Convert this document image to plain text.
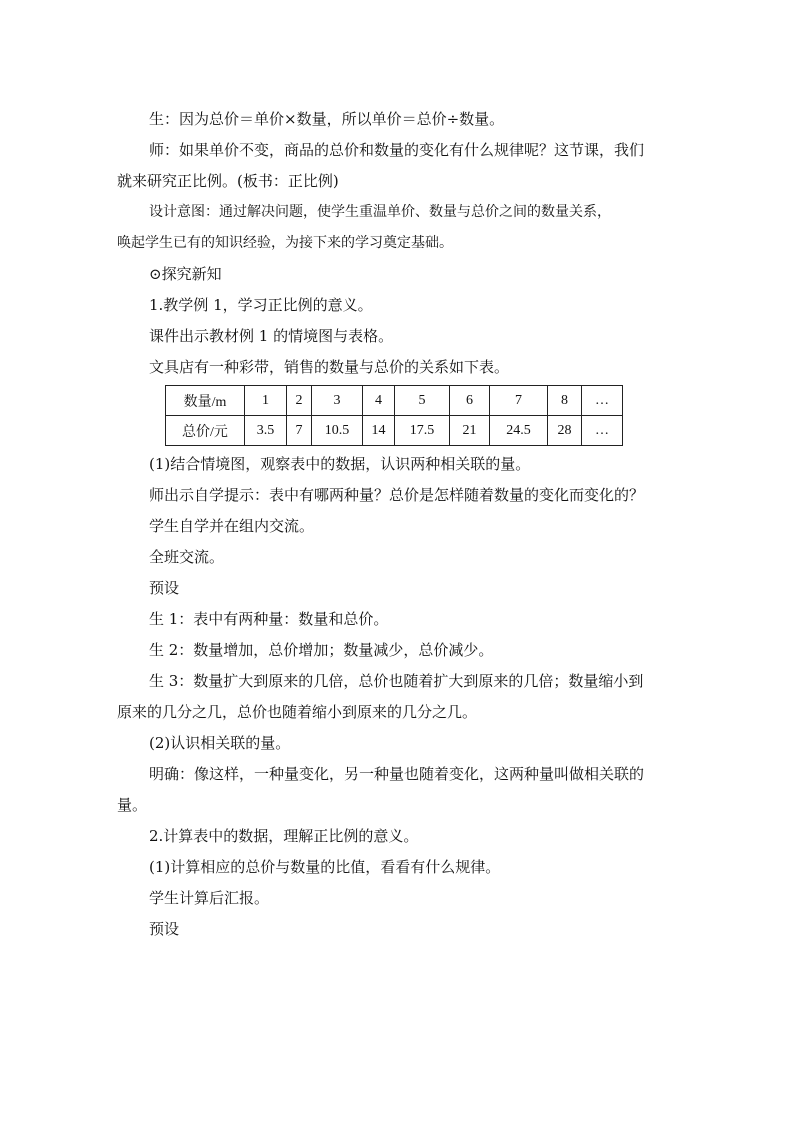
生：因为总价＝单价×数量，所以单价＝总价÷数量。

师：如果单价不变，商品的总价和数量的变化有什么规律呢？这节课，我们

就来研究正比例。(板书：正比例)

设计意图：通过解决问题，使学生重温单价、数量与总价之间的数量关系，

唤起学生已有的知识经验，为接下来的学习奠定基础。

⊙探究新知

1.教学例 1，学习正比例的意义。

课件出示教材例 1 的情境图与表格。

文具店有一种彩带，销售的数量与总价的关系如下表。

数量/m	1	2	3	4	5	6	7	8	…
总价/元	3.5	7	10.5	14	17.5	21	24.5	28	…

(1)结合情境图，观察表中的数据，认识两种相关联的量。

师出示自学提示：表中有哪两种量？总价是怎样随着数量的变化而变化的？

学生自学并在组内交流。

全班交流。

预设

生 1：表中有两种量：数量和总价。

生 2：数量增加，总价增加；数量减少，总价减少。

生 3：数量扩大到原来的几倍，总价也随着扩大到原来的几倍；数量缩小到

原来的几分之几，总价也随着缩小到原来的几分之几。

(2)认识相关联的量。

明确：像这样，一种量变化，另一种量也随着变化，这两种量叫做相关联的

量。

2.计算表中的数据，理解正比例的意义。

(1)计算相应的总价与数量的比值，看看有什么规律。

学生计算后汇报。

预设
